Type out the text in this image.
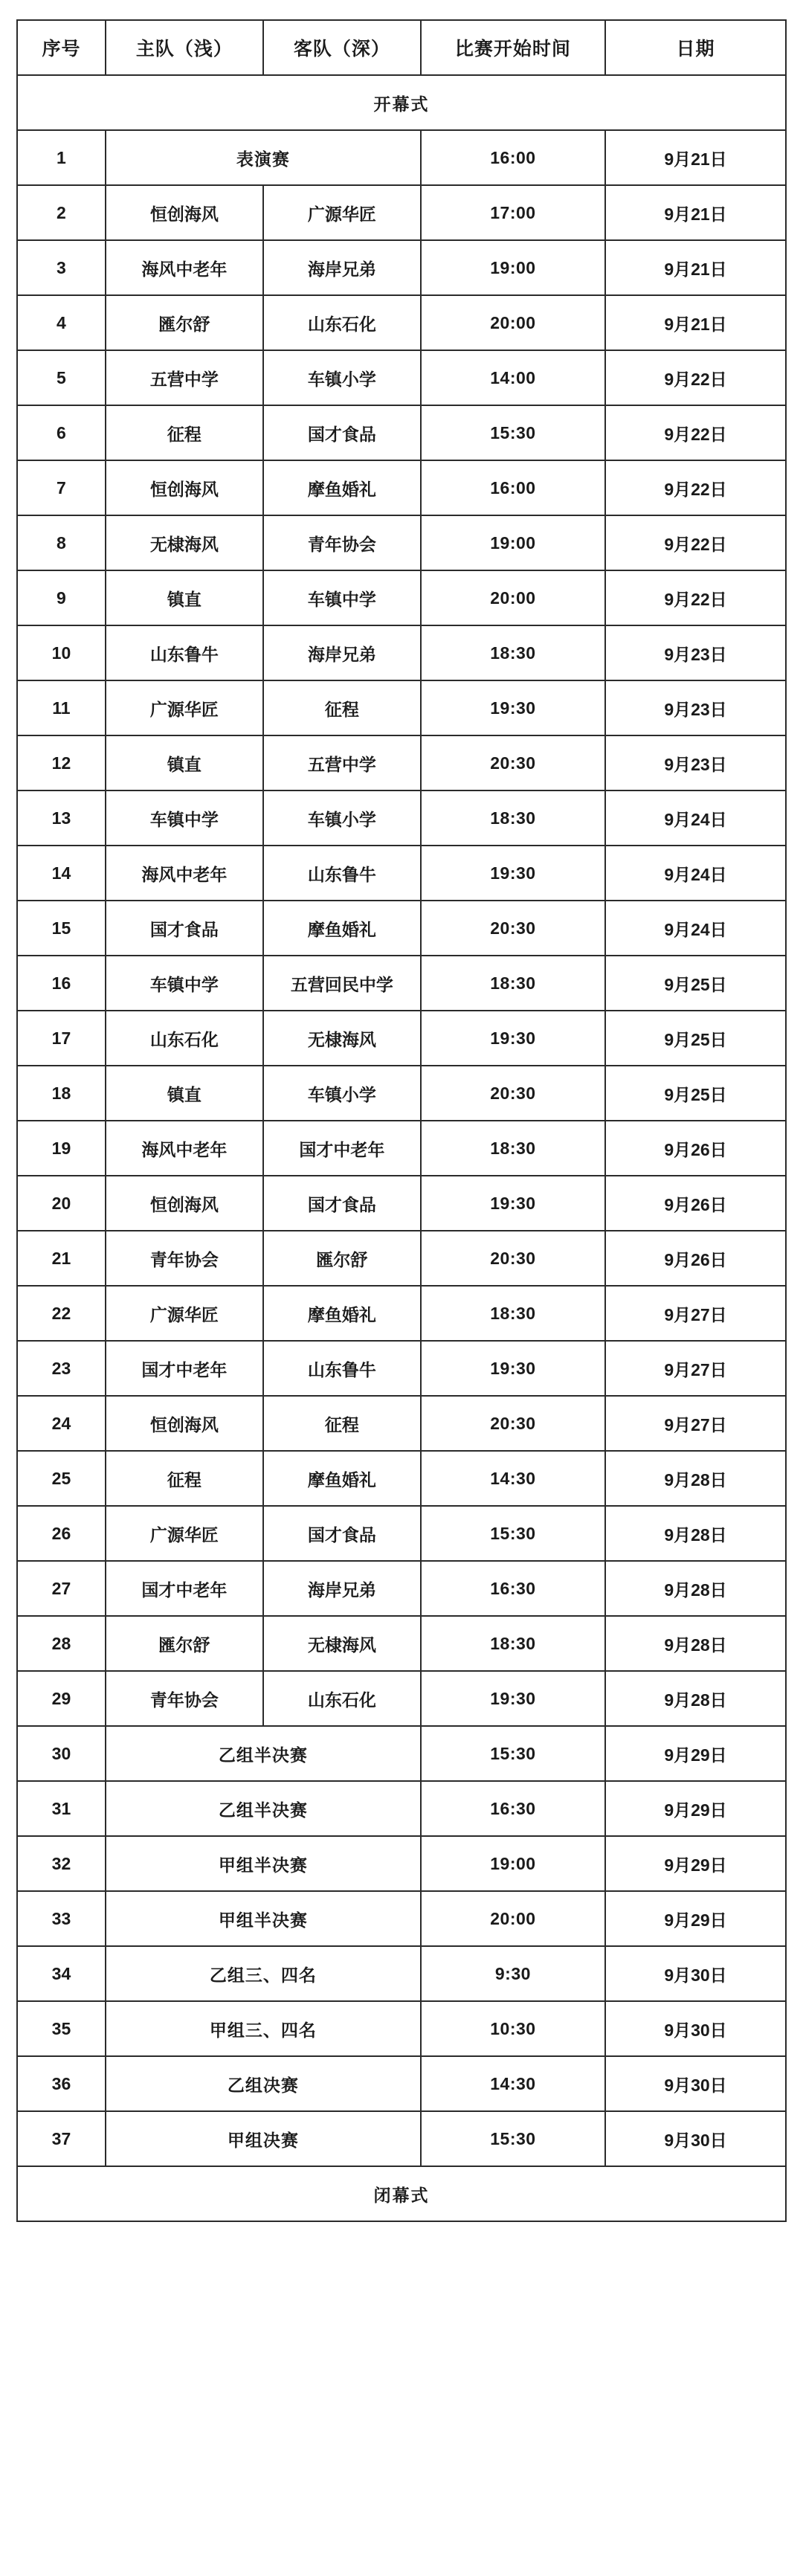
序号	主队（浅）	客队（深）	比赛开始时间	日期
开幕式				
1	表演赛		16:00	9月21日
2	恒创海风	广源华匠	17:00	9月21日
3	海风中老年	海岸兄弟	19:00	9月21日
4	匯尔舒	山东石化	20:00	9月21日
5	五营中学	车镇小学	14:00	9月22日
6	征程	国才食品	15:30	9月22日
7	恒创海风	摩鱼婚礼	16:00	9月22日
8	无棣海风	青年协会	19:00	9月22日
9	镇直	车镇中学	20:00	9月22日
10	山东鲁牛	海岸兄弟	18:30	9月23日
11	广源华匠	征程	19:30	9月23日
12	镇直	五营中学	20:30	9月23日
13	车镇中学	车镇小学	18:30	9月24日
14	海风中老年	山东鲁牛	19:30	9月24日
15	国才食品	摩鱼婚礼	20:30	9月24日
16	车镇中学	五营回民中学	18:30	9月25日
17	山东石化	无棣海风	19:30	9月25日
18	镇直	车镇小学	20:30	9月25日
19	海风中老年	国才中老年	18:30	9月26日
20	恒创海风	国才食品	19:30	9月26日
21	青年协会	匯尔舒	20:30	9月26日
22	广源华匠	摩鱼婚礼	18:30	9月27日
23	国才中老年	山东鲁牛	19:30	9月27日
24	恒创海风	征程	20:30	9月27日
25	征程	摩鱼婚礼	14:30	9月28日
26	广源华匠	国才食品	15:30	9月28日
27	国才中老年	海岸兄弟	16:30	9月28日
28	匯尔舒	无棣海风	18:30	9月28日
29	青年协会	山东石化	19:30	9月28日
30	乙组半决赛		15:30	9月29日
31	乙组半决赛		16:30	9月29日
32	甲组半决赛		19:00	9月29日
33	甲组半决赛		20:00	9月29日
34	乙组三、四名		9:30	9月30日
35	甲组三、四名		10:30	9月30日
36	乙组决赛		14:30	9月30日
37	甲组决赛		15:30	9月30日
闭幕式				
